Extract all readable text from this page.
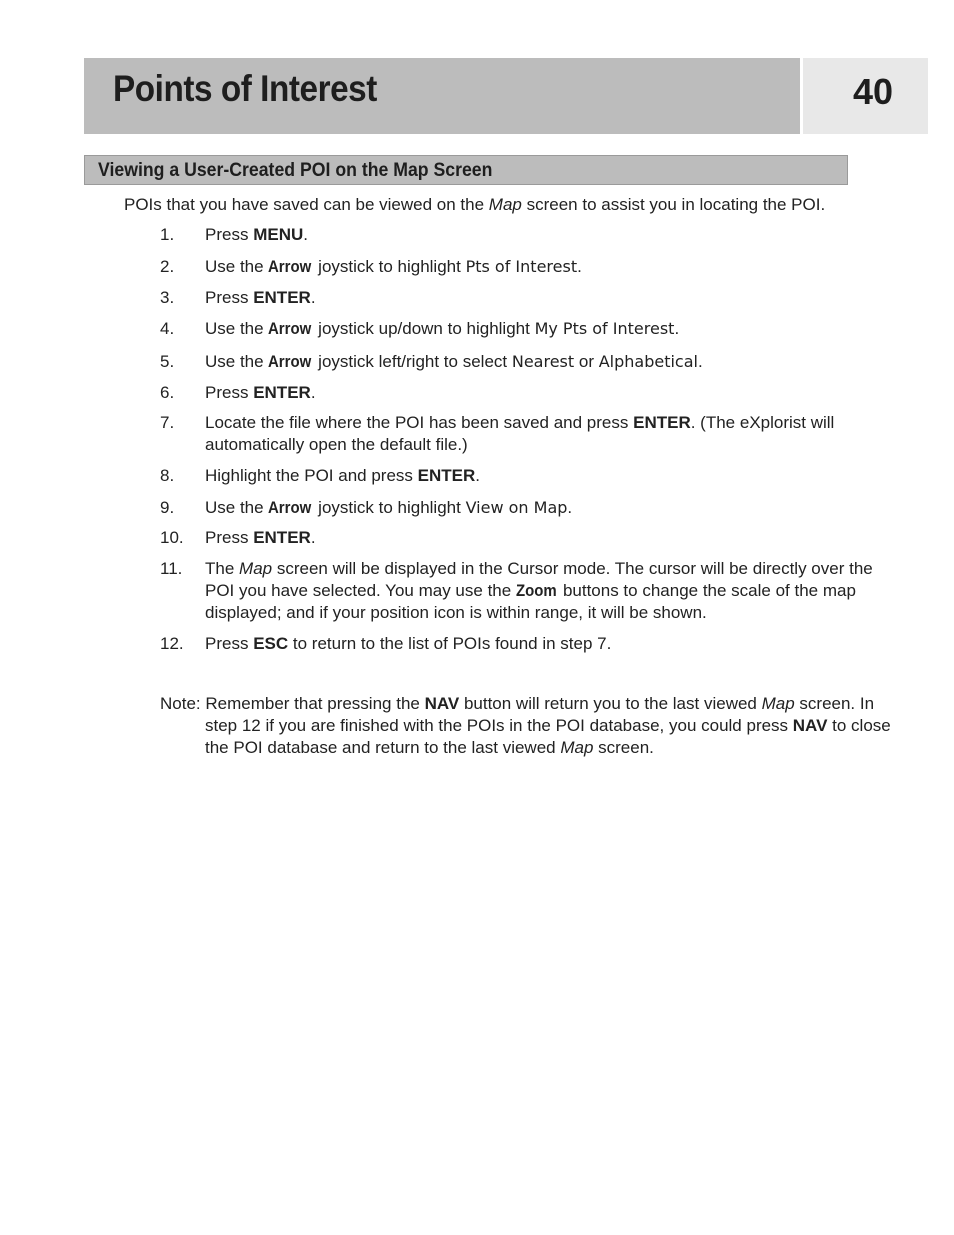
Points of Interest	40
Viewing a User-Created POI on the Map Screen

POIs that you have saved can be viewed on the Map screen to assist you in locating the POI.

1. Press MENU.
2. Use the Arrow joystick to highlight Pts of Interest.
3. Press ENTER.
4. Use the Arrow joystick up/down to highlight My Pts of Interest.
5. Use the Arrow joystick left/right to select Nearest or Alphabetical.
6. Press ENTER.
7. Locate the file where the POI has been saved and press ENTER. (The eXplorist will automatically open the default file.)
8. Highlight the POI and press ENTER.
9. Use the Arrow joystick to highlight View on Map.
10. Press ENTER.
11. The Map screen will be displayed in the Cursor mode. The cursor will be directly over the POI you have selected. You may use the Zoom buttons to change the scale of the map displayed; and if your position icon is within range, it will be shown.
12. Press ESC to return to the list of POIs found in step 7.

Note: Remember that pressing the NAV button will return you to the last viewed Map screen. In step 12 if you are finished with the POIs in the POI database, you could press NAV to close the POI database and return to the last viewed Map screen.
